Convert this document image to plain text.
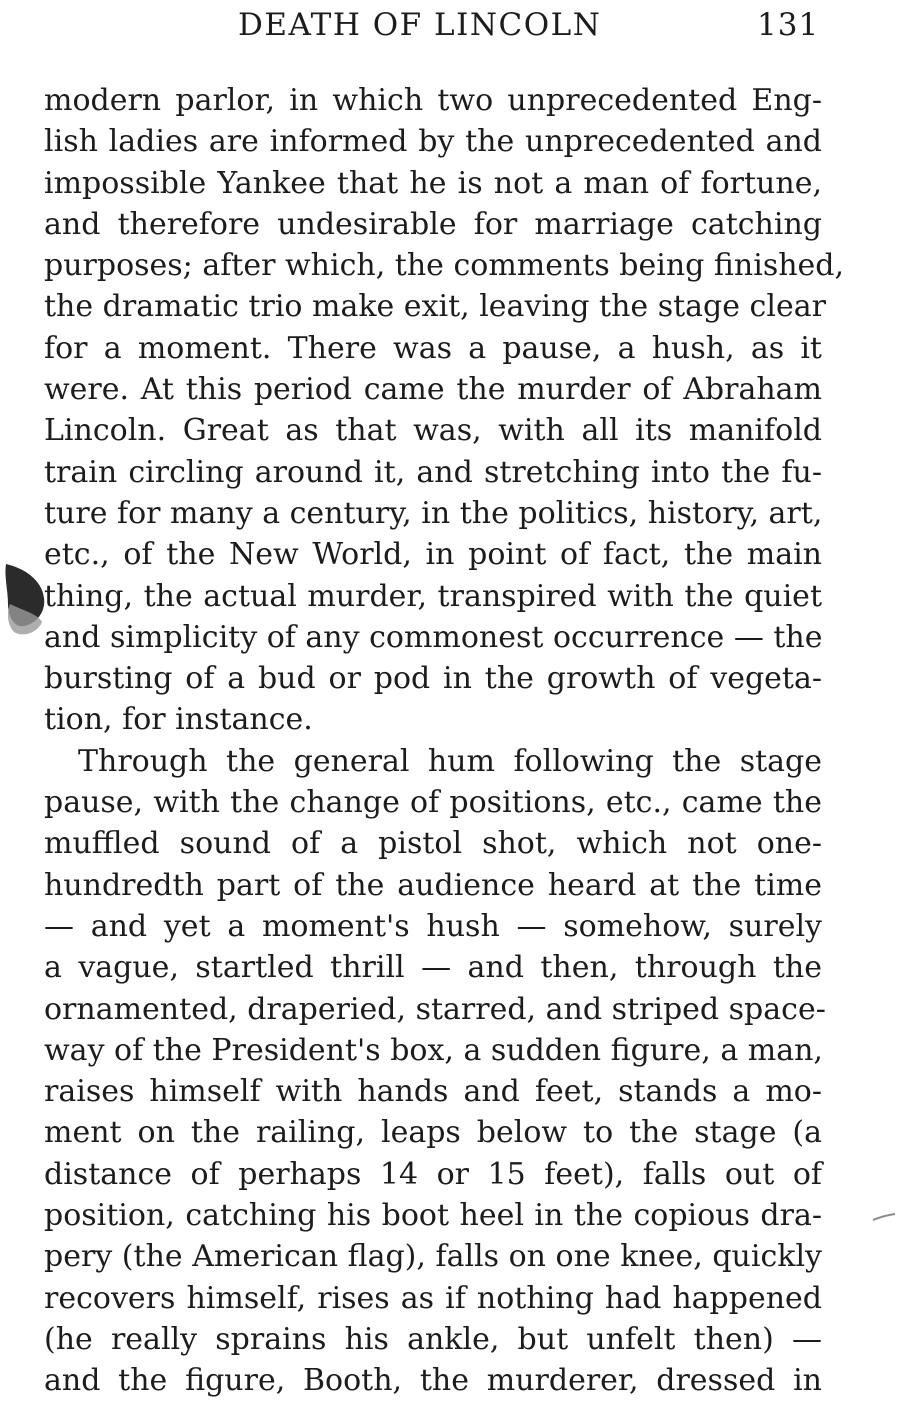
DEATH OF LINCOLN	131

modern parlor, in which two unprecedented Eng-
lish ladies are informed by the unprecedented and
impossible Yankee that he is not a man of fortune,
and therefore undesirable for marriage catching
purposes; after which, the comments being finished,
the dramatic trio make exit, leaving the stage clear
for a moment. There was a pause, a hush, as it
were. At this period came the murder of Abraham
Lincoln. Great as that was, with all its manifold
train circling around it, and stretching into the fu-
ture for many a century, in the politics, history, art,
etc., of the New World, in point of fact, the main
thing, the actual murder, transpired with the quiet
and simplicity of any commonest occurrence — the
bursting of a bud or pod in the growth of vegeta-
tion, for instance.

Through the general hum following the stage
pause, with the change of positions, etc., came the
muffled sound of a pistol shot, which not one-
hundredth part of the audience heard at the time
— and yet a moment's hush — somehow, surely
a vague, startled thrill — and then, through the
ornamented, draperied, starred, and striped space-
way of the President's box, a sudden figure, a man,
raises himself with hands and feet, stands a mo-
ment on the railing, leaps below to the stage (a
distance of perhaps 14 or 15 feet), falls out of
position, catching his boot heel in the copious dra-
pery (the American flag), falls on one knee, quickly
recovers himself, rises as if nothing had happened
(he really sprains his ankle, but unfelt then) —
and the figure, Booth, the murderer, dressed in
